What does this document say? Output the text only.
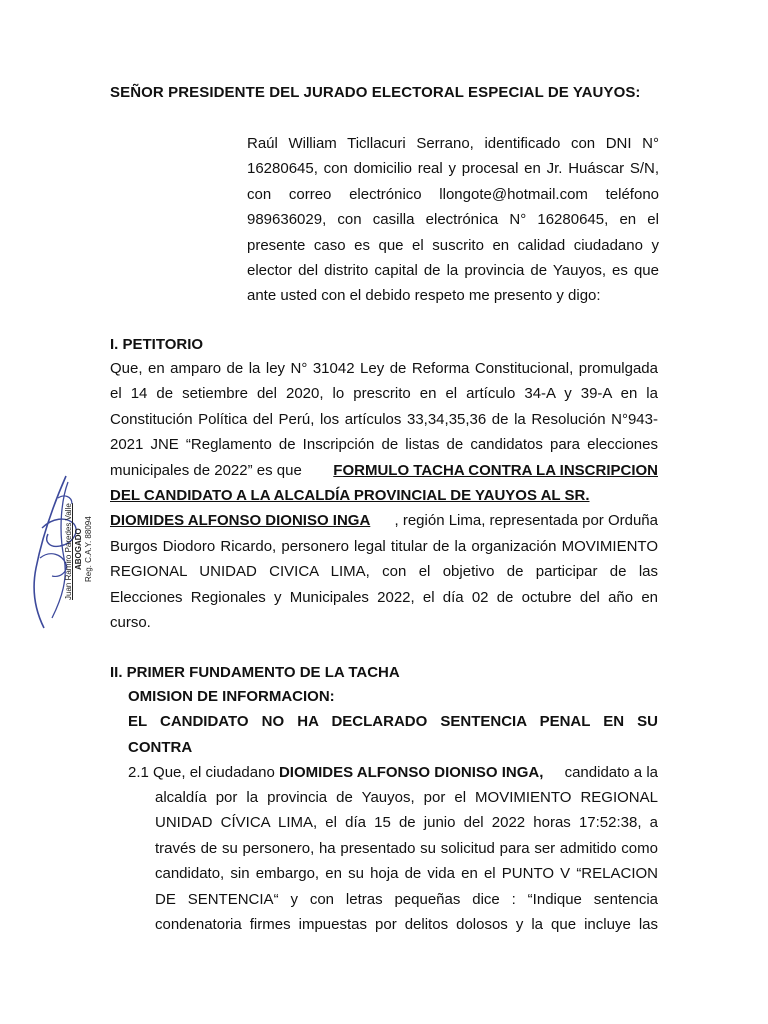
SEÑOR PRESIDENTE DEL JURADO ELECTORAL ESPECIAL DE YAUYOS:
Raúl William Ticllacuri Serrano, identificado con DNI N°
16280645, con domicilio real y procesal en Jr. Huáscar S/N,
con correo electrónico llongote@hotmail.com teléfono
989636029, con casilla electrónica N° 16280645, en el
presente caso es que el suscrito en calidad ciudadano y
elector del distrito capital de la provincia de Yauyos, es que
ante usted con el debido respeto me presento y digo:
I. PETITORIO
Que, en amparo de la ley N° 31042 Ley de Reforma Constitucional, promulgada
el 14 de setiembre del 2020, lo prescrito en el artículo 34-A y 39-A en la
Constitución Política del Perú, los artículos 33,34,35,36 de la Resolución N°943-
2021 JNE “Reglamento de Inscripción de listas de candidatos para elecciones
municipales de 2022” es que FORMULO TACHA CONTRA LA INSCRIPCION
DEL CANDIDATO A LA ALCALDÍA PROVINCIAL DE YAUYOS AL SR.
DIOMIDES ALFONSO DIONISO INGA	, región Lima, representada por Orduña
Burgos Diodoro Ricardo, personero legal titular de la organización MOVIMIENTO
REGIONAL UNIDAD CIVICA LIMA, con el objetivo de participar de las
Elecciones Regionales y Municipales 2022, el día 02 de octubre del año en
curso.
II. PRIMER FUNDAMENTO DE LA TACHA
OMISION DE INFORMACION:
EL CANDIDATO NO HA DECLARADO SENTENCIA PENAL EN SU
CONTRA
2.1 Que, el ciudadano DIOMIDES ALFONSO DIONISO INGA,	candidato a la
alcaldía por la provincia de Yauyos, por el MOVIMIENTO REGIONAL
UNIDAD CÍVICA LIMA, el día 15 de junio del 2022 horas 17:52:38, a
través de su personero, ha presentado su solicitud para ser admitido como
candidato, sin embargo, en su hoja de vida en el PUNTO V “RELACION
DE SENTENCIA“ y con letras pequeñas dice : “Indique sentencia
condenatoria firmes impuestas por delitos dolosos y la que incluye las
Juan Ramiro Paredes Valle ABOGADO Reg. C.A.Y. 88094
